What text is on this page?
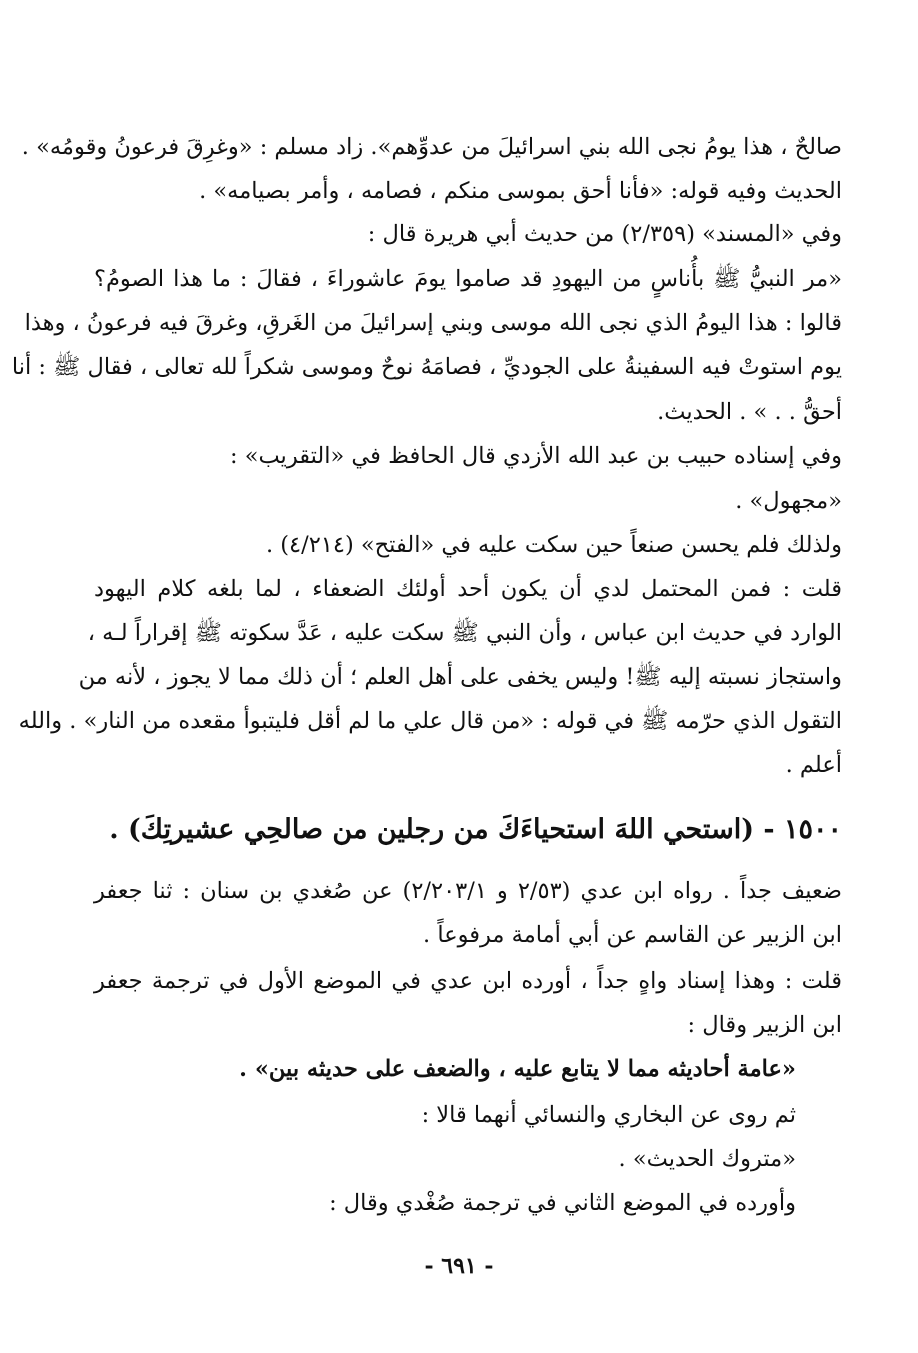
صالحٌ ، هذا يومُ نجى الله بني اسرائيلَ من عدوِّهم». زاد مسلم : «وغرِقَ فرعونُ وقومُه» .
الحديث وفيه قوله: «فأنا أحق بموسى منكم ، فصامه ، وأمر بصيامه» .
وفي «المسند» (٢/٣٥٩) من حديث أبي هريرة قال :
«مر النبيُّ ﷺ بأُناسٍ من اليهودِ قد صاموا يومَ عاشوراءَ ، فقالَ : ما هذا الصومُ؟
قالوا : هذا اليومُ الذي نجى الله موسى وبني إسرائيلَ من الغَرقِ، وغرقَ فيه فرعونُ ، وهذا
يوم استوتْ فيه السفينةُ على الجوديِّ ، فصامَهُ نوحٌ وموسى شكراً لله تعالى ، فقال ﷺ : أنا
أحقُّ . . » . الحديث.
وفي إسناده حبيب بن عبد الله الأزدي قال الحافظ في «التقريب» :
«مجهول» .
ولذلك فلم يحسن صنعاً حين سكت عليه في «الفتح» (٤/٢١٤) .
قلت : فمن المحتمل لدي أن يكون أحد أولئك الضعفاء ، لما بلغه كلام اليهود
الوارد في حديث ابن عباس ، وأن النبي ﷺ سكت عليه ، عَدَّ سكوته ﷺ إقراراً لـه ،
واستجاز نسبته إليه ﷺ! وليس يخفى على أهل العلم ؛ أن ذلك مما لا يجوز ، لأنه من
التقول الذي حرّمه ﷺ في قوله : «من قال علي ما لم أقل فليتبوأ مقعده من النار» . والله
أعلم .
١٥٠٠ - (استحي اللهَ استحياءَكَ من رجلين من صالحِي عشيرتِكَ) .
ضعيف جداً . رواه ابن عدي (٢/٥٣ و ٢/٢٠٣/١) عن صُغدي بن سنان : ثنا جعفر
ابن الزبير عن القاسم عن أبي أمامة مرفوعاً .
قلت : وهذا إسناد واهٍ جداً ، أورده ابن عدي في الموضع الأول في ترجمة جعفر
ابن الزبير وقال :
«عامة أحاديثه مما لا يتابع عليه ، والضعف على حديثه بين» .
ثم روى عن البخاري والنسائي أنهما قالا :
«متروك الحديث» .
وأورده في الموضع الثاني في ترجمة صُغْدي وقال :
- ٦٩١ -
